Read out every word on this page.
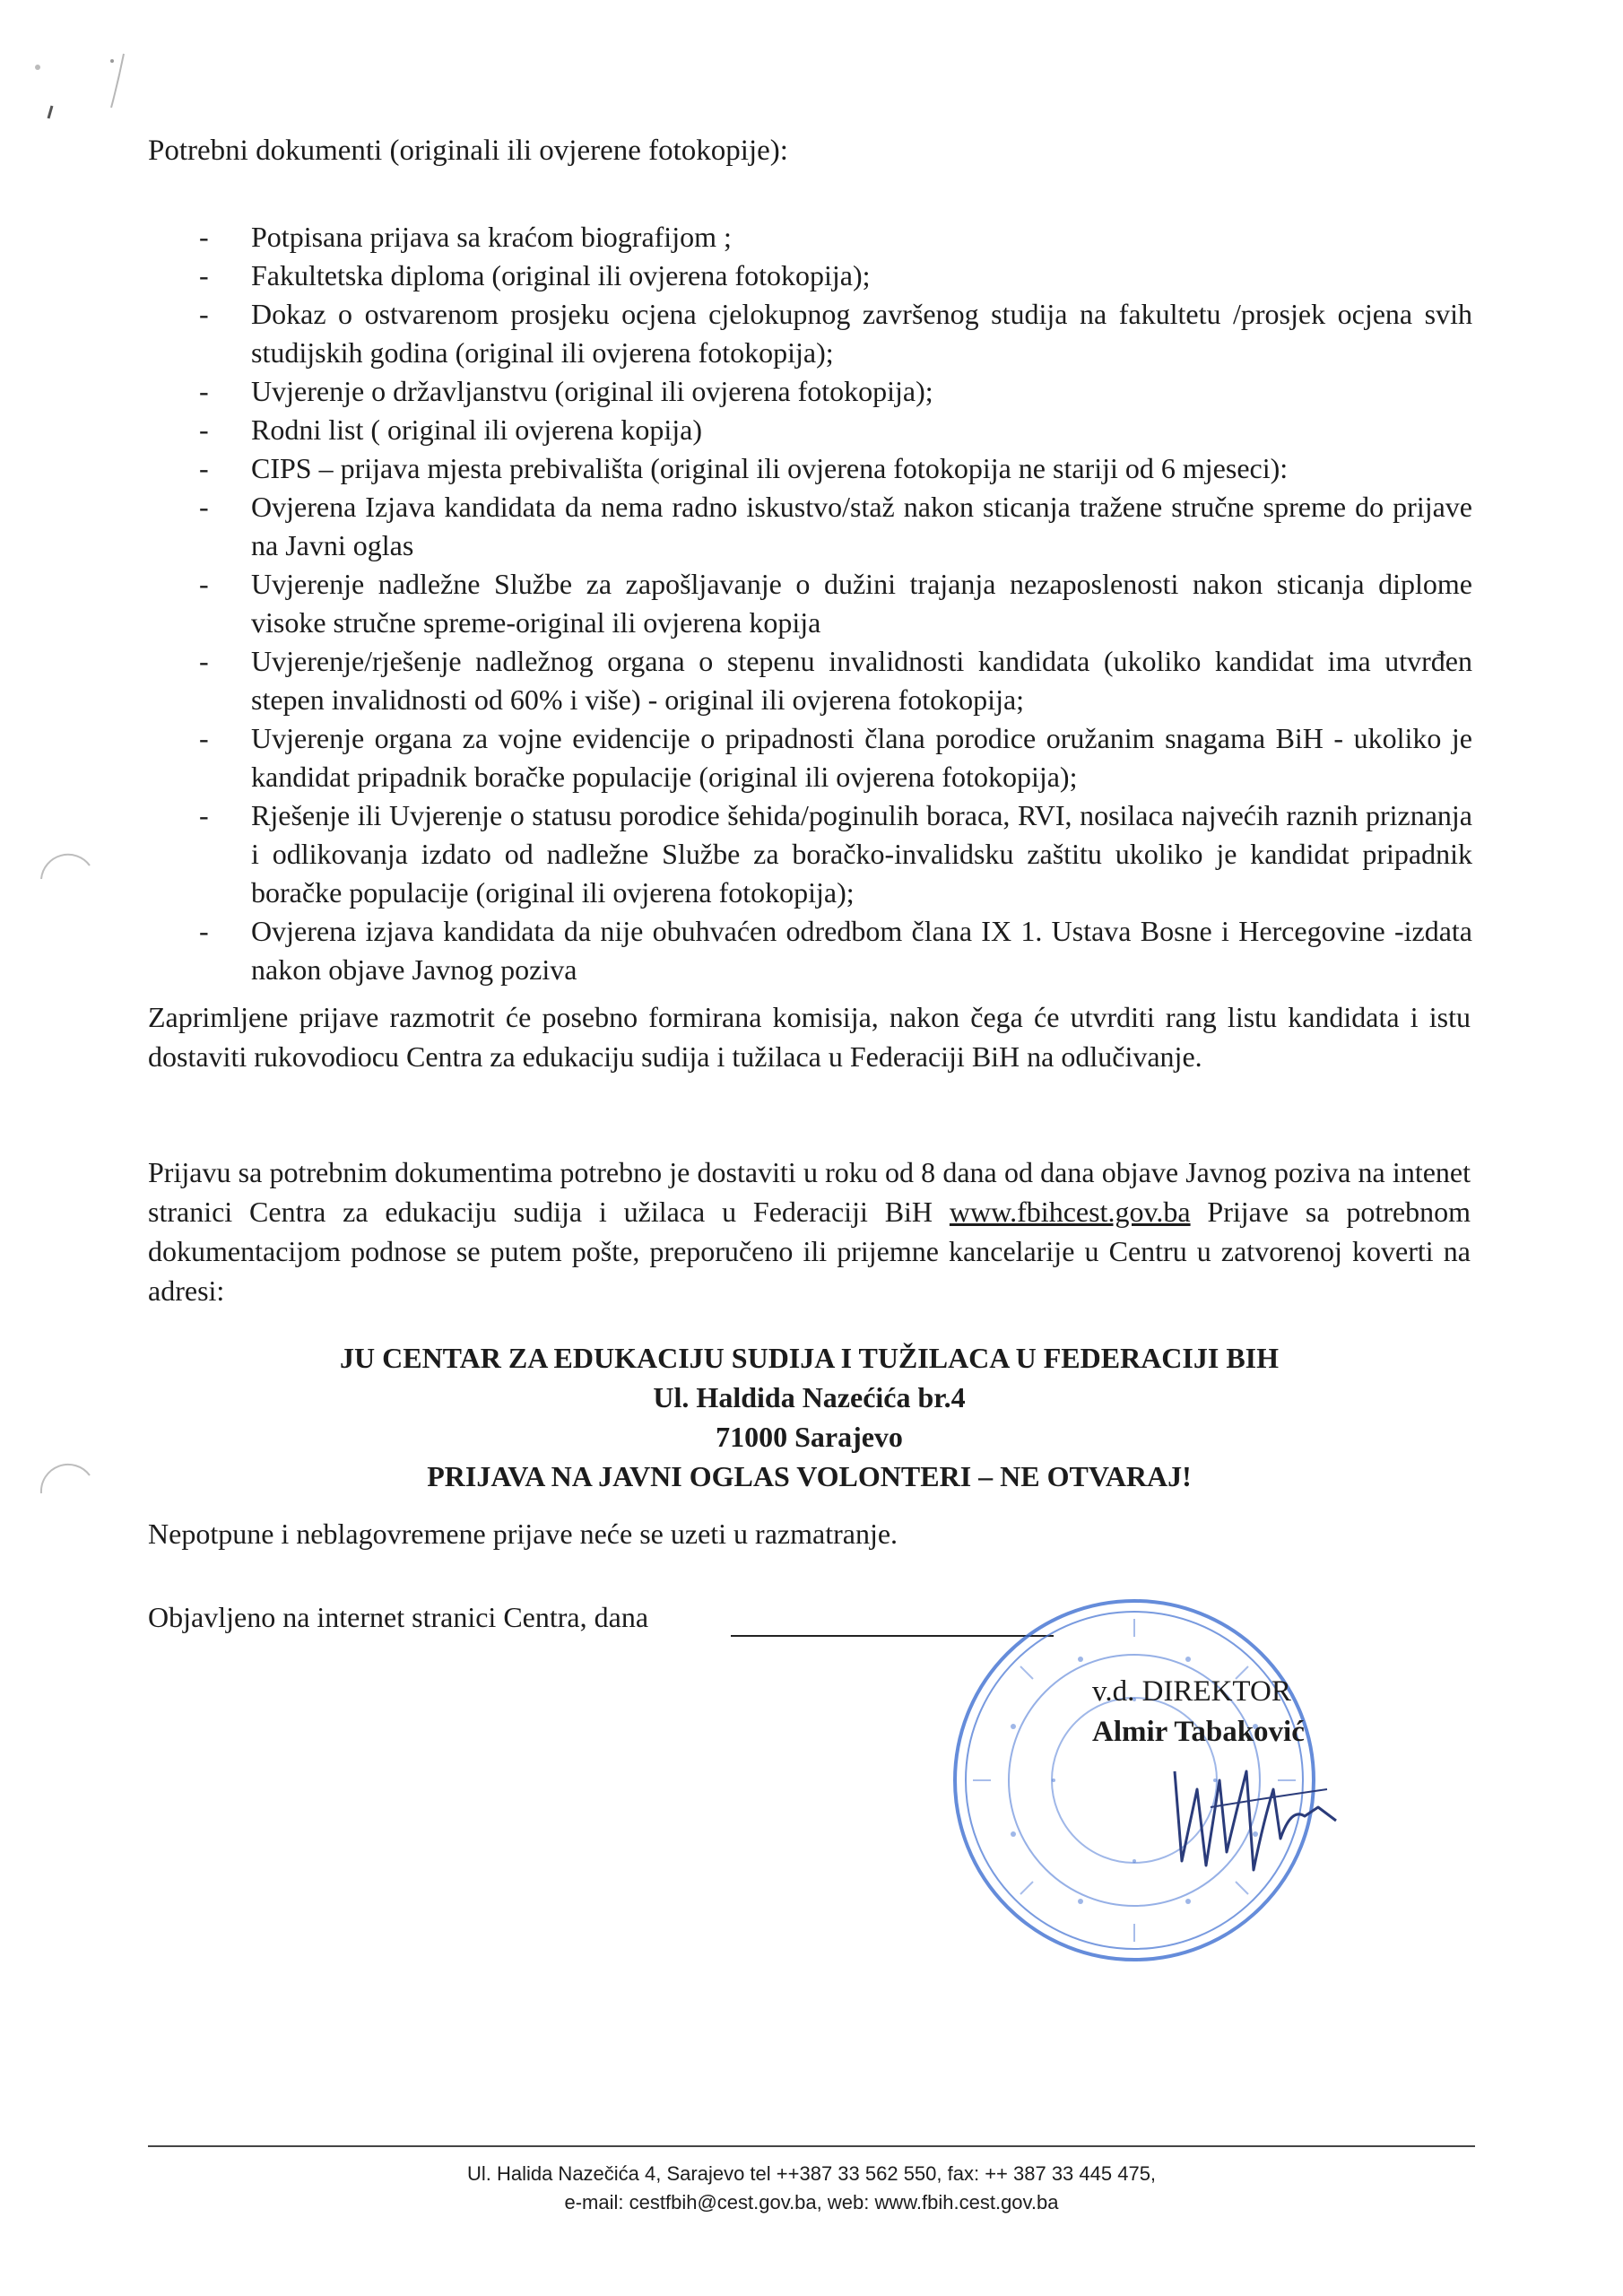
Potrebni dokumenti (originali ili ovjerene fotokopije):
- Potpisana prijava sa kraćom biografijom ;
- Fakultetska diploma (original ili ovjerena fotokopija);
- Dokaz o ostvarenom prosjeku ocjena cjelokupnog završenog studija na fakultetu /prosjek ocjena svih studijskih godina (original ili ovjerena fotokopija);
- Uvjerenje o državljanstvu (original ili ovjerena fotokopija);
- Rodni list ( original ili ovjerena kopija)
- CIPS – prijava mjesta prebivališta (original ili ovjerena fotokopija ne stariji od 6 mjeseci):
- Ovjerena Izjava kandidata da nema radno iskustvo/staž nakon sticanja tražene stručne spreme do prijave na Javni oglas
- Uvjerenje nadležne Službe za zapošljavanje o dužini trajanja nezaposlenosti nakon sticanja diplome visoke stručne spreme-original ili ovjerena kopija
- Uvjerenje/rješenje nadležnog organa o stepenu invalidnosti kandidata (ukoliko kandidat ima utvrđen stepen invalidnosti od 60% i više) - original ili ovjerena fotokopija;
- Uvjerenje organa za vojne evidencije o pripadnosti člana porodice oružanim snagama BiH - ukoliko je kandidat pripadnik boračke populacije (original ili ovjerena fotokopija);
- Rješenje ili Uvjerenje o statusu porodice šehida/poginulih boraca, RVI, nosilaca najvećih raznih priznanja i odlikovanja izdato od nadležne Službe za boračko-invalidsku zaštitu ukoliko je kandidat pripadnik boračke populacije (original ili ovjerena fotokopija);
- Ovjerena izjava kandidata da nije obuhvaćen odredbom člana IX 1. Ustava Bosne i Hercegovine -izdata nakon objave Javnog poziva

Zaprimljene prijave razmotrit će posebno formirana komisija, nakon čega će utvrditi rang listu kandidata i istu dostaviti rukovodiocu Centra za edukaciju sudija i tužilaca u Federaciji BiH na odlučivanje.

Prijavu sa potrebnim dokumentima potrebno je dostaviti u roku od 8 dana od dana objave Javnog poziva na intenet stranici Centra za edukaciju sudija i užilaca u Federaciji BiH www.fbihcest.gov.ba Prijave sa potrebnom dokumentacijom podnose se putem pošte, preporučeno ili prijemne kancelarije u Centru u zatvorenoj koverti na adresi:

JU CENTAR ZA EDUKACIJU SUDIJA I TUŽILACA U FEDERACIJI BIH
Ul. Haldida Nazećića br.4
71000 Sarajevo
PRIJAVA NA JAVNI OGLAS VOLONTERI – NE OTVARAJ!
Nepotpune i neblagovremene prijave neće se uzeti u razmatranje.
Objavljeno na internet stranici Centra, dana
v.d. DIREKTOR
Almir Tabaković
Ul. Halida Nazečića 4, Sarajevo tel ++387 33 562 550, fax: ++ 387 33 445 475,
e-mail: cestfbih@cest.gov.ba, web: www.fbih.cest.gov.ba
